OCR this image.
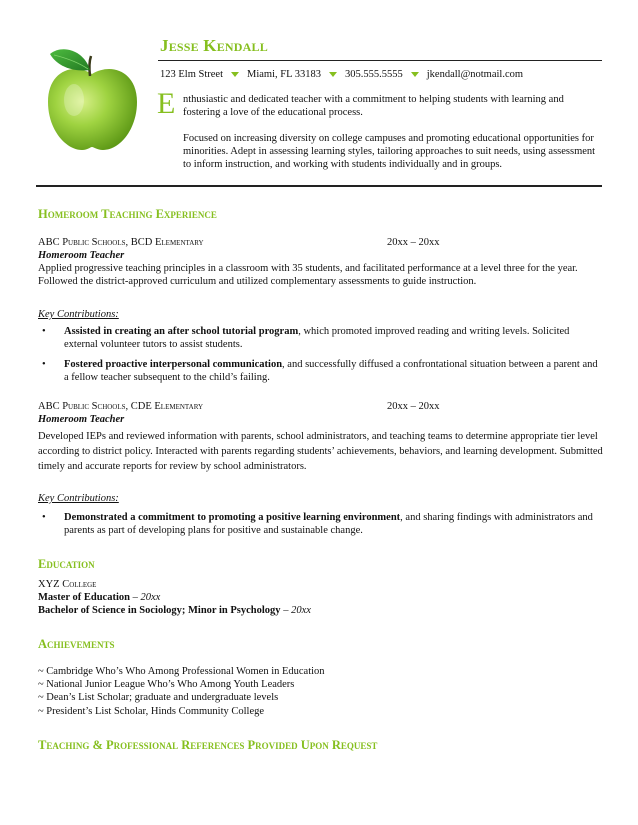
Jesse Kendall
123 Elm Street Miami, FL 33183 305.555.5555 jkendall@notmail.com
E nthusiastic and dedicated teacher with a commitment to helping students with learning and fostering a love of the educational process.
Focused on increasing diversity on college campuses and promoting educational opportunities for minorities. Adept in assessing learning styles, tailoring approaches to suit needs, using assessment to inform instruction, and working with students individually and in groups.
Homeroom Teaching Experience
ABC Public Schools, BCD Elementary	20xx – 20xx
Homeroom Teacher
Applied progressive teaching principles in a classroom with 35 students, and facilitated performance at a level three for the year. Followed the district-approved curriculum and utilized complementary assessments to guide instruction.
Key Contributions:
• Assisted in creating an after school tutorial program, which promoted improved reading and writing levels. Solicited external volunteer tutors to assist students.
• Fostered proactive interpersonal communication, and successfully diffused a confrontational situation between a parent and a fellow teacher subsequent to the child’s failing.
ABC Public Schools, CDE Elementary	20xx – 20xx
Homeroom Teacher
Developed IEPs and reviewed information with parents, school administrators, and teaching teams to determine appropriate tier level according to district policy. Interacted with parents regarding students’ achievements, behaviors, and learning development. Submitted timely and accurate reports for review by school administrators.
Key Contributions:
• Demonstrated a commitment to promoting a positive learning environment, and sharing findings with administrators and parents as part of developing plans for positive and sustainable change.
Education
XYZ College
Master of Education – 20xx
Bachelor of Science in Sociology; Minor in Psychology – 20xx
Achievements
~ Cambridge Who’s Who Among Professional Women in Education
~ National Junior League Who’s Who Among Youth Leaders
~ Dean’s List Scholar; graduate and undergraduate levels
~ President’s List Scholar, Hinds Community College
Teaching & Professional References Provided Upon Request
